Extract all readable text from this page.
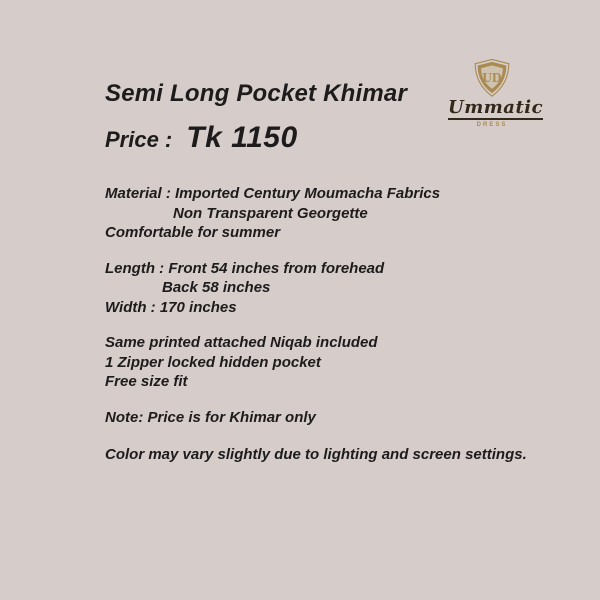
UD
Ummatic
DRESS
Semi Long Pocket Khimar
Price : Tk 1150
Material : Imported Century Moumacha Fabrics
Non Transparent Georgette
Comfortable for summer
Length : Front 54 inches from forehead
Back 58 inches
Width : 170 inches
Same printed attached Niqab included
1 Zipper locked hidden pocket
Free size fit
Note: Price is for Khimar only
Color may vary slightly due to lighting and screen settings.
